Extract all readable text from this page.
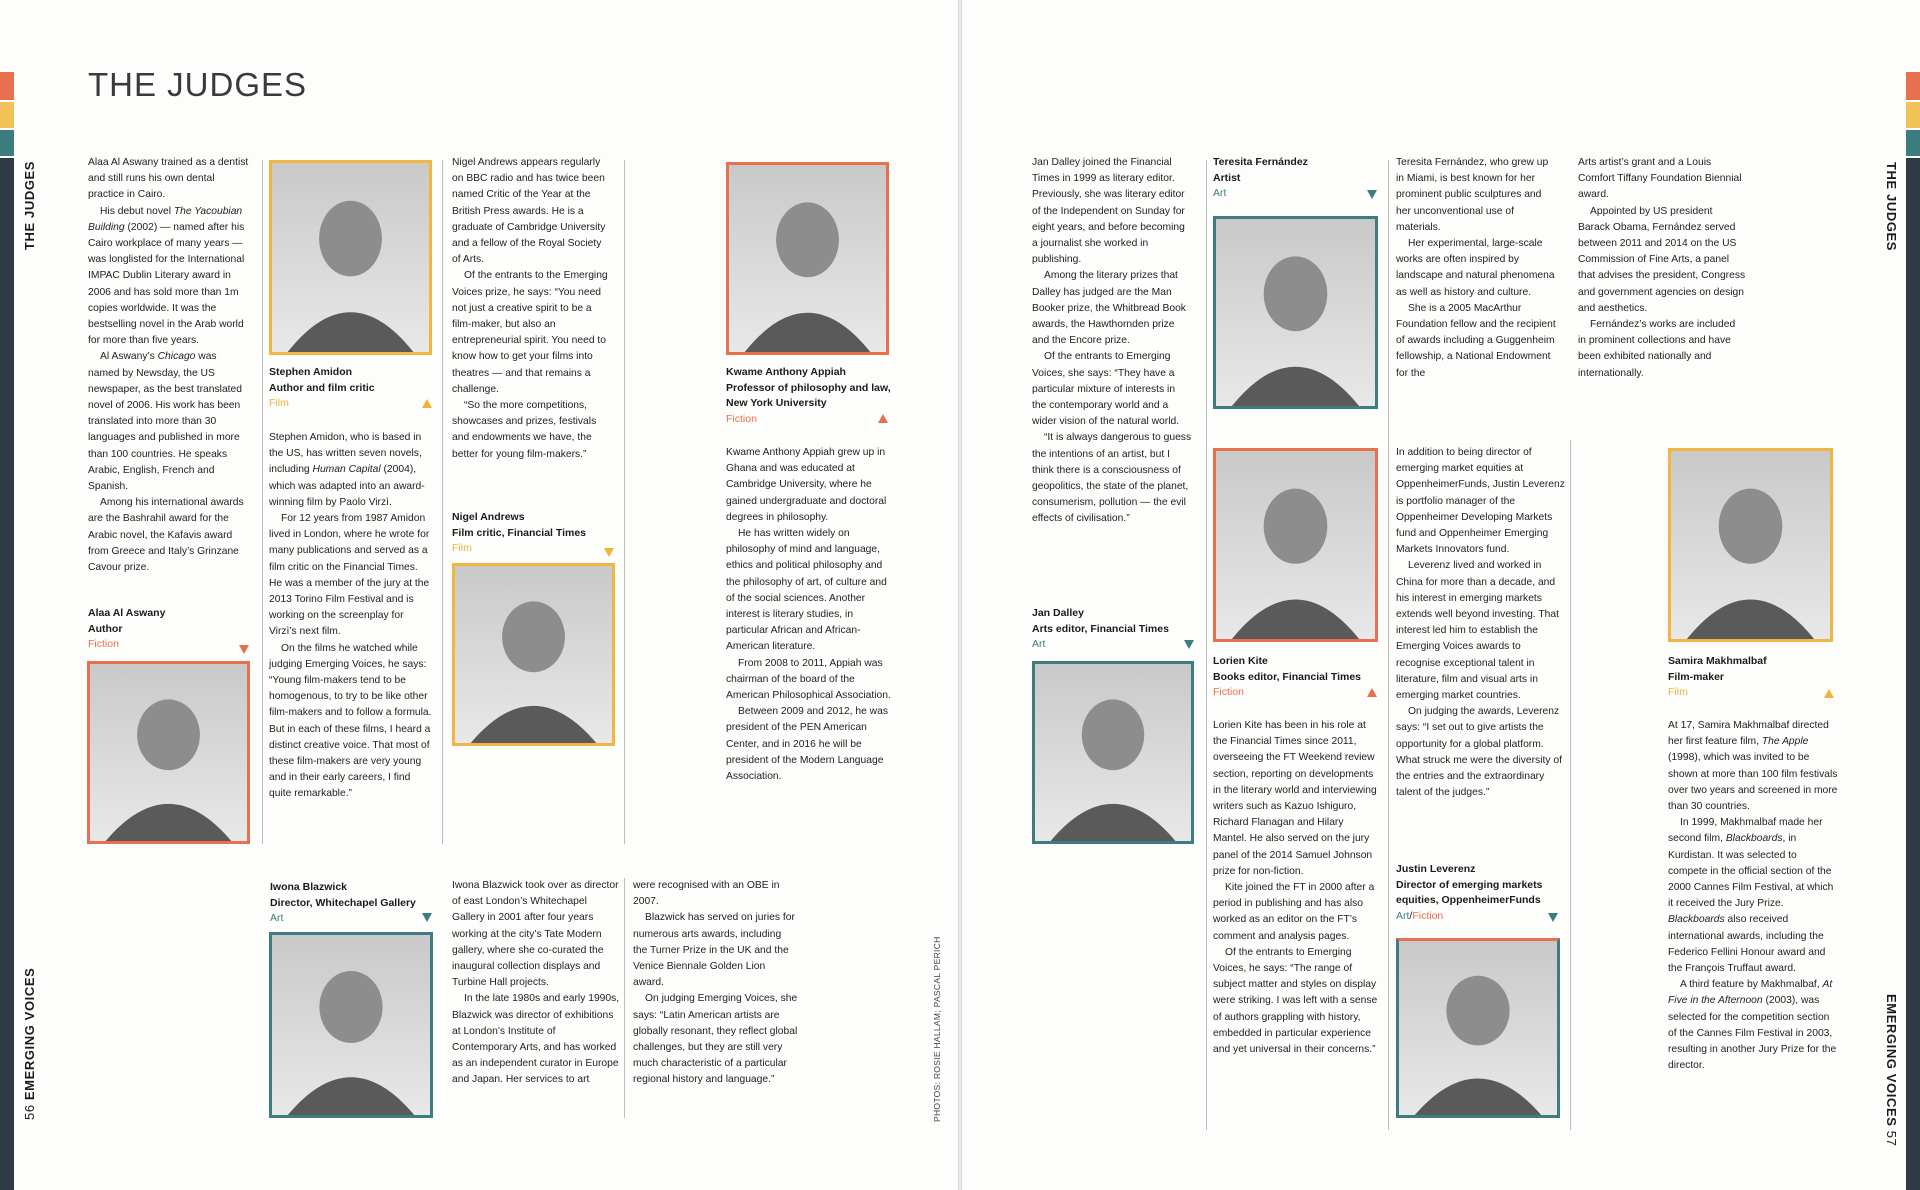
THE JUDGES
56 EMERGING VOICES
THE JUDGES

Alaa Al Aswany trained as a dentist and still runs his own dental practice in Cairo.

His debut novel The Yacoubian Building (2002) — named after his Cairo workplace of many years — was longlisted for the International IMPAC Dublin Literary award in 2006 and has sold more than 1m copies worldwide. It was the bestselling novel in the Arab world for more than five years.

Al Aswany’s Chicago was named by Newsday, the US newspaper, as the best translated novel of 2006. His work has been translated into more than 30 languages and published in more than 100 countries. He speaks Arabic, English, French and Spanish.

Among his international awards are the Bashrahil award for the Arabic novel, the Kafavis award from Greece and Italy’s Grinzane Cavour prize.

Alaa Al Aswany
Author
Fiction
Stephen Amidon
Author and film critic
Film

Stephen Amidon, who is based in the US, has written seven novels, including Human Capital (2004), which was adapted into an award-winning film by Paolo Virzì.

For 12 years from 1987 Amidon lived in London, where he wrote for many publications and served as a film critic on the Financial Times. He was a member of the jury at the 2013 Torino Film Festival and is working on the screenplay for Virzì’s next film.

On the films he watched while judging Emerging Voices, he says: “Young film-makers tend to be homogenous, to try to be like other film-makers and to follow a formula. But in each of these films, I heard a distinct creative voice. That most of these film-makers are very young and in their early careers, I find quite remarkable.”

Nigel Andrews appears regularly on BBC radio and has twice been named Critic of the Year at the British Press awards. He is a graduate of Cambridge University and a fellow of the Royal Society of Arts.

Of the entrants to the Emerging Voices prize, he says: “You need not just a creative spirit to be a film-maker, but also an entrepreneurial spirit. You need to know how to get your films into theatres — and that remains a challenge.

“So the more competitions, showcases and prizes, festivals and endowments we have, the better for young film-makers.”

Nigel Andrews
Film critic, Financial Times
Film
Kwame Anthony Appiah
Professor of philosophy and law, New York University
Fiction

Kwame Anthony Appiah grew up in Ghana and was educated at Cambridge University, where he gained undergraduate and doctoral degrees in philosophy.

He has written widely on philosophy of mind and language, ethics and political philosophy and the philosophy of art, of culture and of the social sciences. Another interest is literary studies, in particular African and African-American literature.

From 2008 to 2011, Appiah was chairman of the board of the American Philosophical Association.

Between 2009 and 2012, he was president of the PEN American Center, and in 2016 he will be president of the Modern Language Association.

Iwona Blazwick
Director, Whitechapel Gallery
Art

Iwona Blazwick took over as director of east London’s Whitechapel Gallery in 2001 after four years working at the city’s Tate Modern gallery, where she co-curated the inaugural collection displays and Turbine Hall projects.

In the late 1980s and early 1990s, Blazwick was director of exhibitions at London’s Institute of Contemporary Arts, and has worked as an independent curator in Europe and Japan. Her services to art

were recognised with an OBE in 2007.

Blazwick has served on juries for numerous arts awards, including the Turner Prize in the UK and the Venice Biennale Golden Lion award.

On judging Emerging Voices, she says: “Latin American artists are globally resonant, they reflect global challenges, but they are still very much characteristic of a particular regional history and language.”	PHOTOS: ROSIE HALLAM; PASCAL PERICH
THE JUDGES
EMERGING VOICES 57

Jan Dalley joined the Financial Times in 1999 as literary editor. Previously, she was literary editor of the Independent on Sunday for eight years, and before becoming a journalist she worked in publishing.

Among the literary prizes that Dalley has judged are the Man Booker prize, the Whitbread Book awards, the Hawthornden prize and the Encore prize.

Of the entrants to Emerging Voices, she says: “They have a particular mixture of interests in the contemporary world and a wider vision of the natural world.

“It is always dangerous to guess the intentions of an artist, but I think there is a consciousness of geopolitics, the state of the planet, consumerism, pollution — the evil effects of civilisation.”

Jan Dalley
Arts editor, Financial Times
Art
Teresita Fernández
Artist
Art
Lorien Kite
Books editor, Financial Times
Fiction

Lorien Kite has been in his role at the Financial Times since 2011, overseeing the FT Weekend review section, reporting on developments in the literary world and interviewing writers such as Kazuo Ishiguro, Richard Flanagan and Hilary Mantel. He also served on the jury panel of the 2014 Samuel Johnson prize for non-fiction.

Kite joined the FT in 2000 after a period in publishing and has also worked as an editor on the FT’s comment and analysis pages.

Of the entrants to Emerging Voices, he says: “The range of subject matter and styles on display were striking. I was left with a sense of authors grappling with history, embedded in particular experience and yet universal in their concerns.”

Teresita Fernández, who grew up in Miami, is best known for her prominent public sculptures and her unconventional use of materials.

Her experimental, large-scale works are often inspired by landscape and natural phenomena as well as history and culture.

She is a 2005 MacArthur Foundation fellow and the recipient of awards including a Guggenheim fellowship, a National Endowment for the

In addition to being director of emerging market equities at OppenheimerFunds, Justin Leverenz is portfolio manager of the Oppenheimer Developing Markets fund and Oppenheimer Emerging Markets Innovators fund.

Leverenz lived and worked in China for more than a decade, and his interest in emerging markets extends well beyond investing. That interest led him to establish the Emerging Voices awards to recognise exceptional talent in literature, film and visual arts in emerging market countries.

On judging the awards, Leverenz says: “I set out to give artists the opportunity for a global platform. What struck me were the diversity of the entries and the extraordinary talent of the judges.”

Justin Leverenz
Director of emerging markets equities, OppenheimerFunds
Art/Fiction

Arts artist’s grant and a Louis Comfort Tiffany Foundation Biennial award.

Appointed by US president Barack Obama, Fernández served between 2011 and 2014 on the US Commission of Fine Arts, a panel that advises the president, Congress and government agencies on design and aesthetics.

Fernández’s works are included in prominent collections and have been exhibited nationally and internationally.

Samira Makhmalbaf
Film-maker
Film

At 17, Samira Makhmalbaf directed her first feature film, The Apple (1998), which was invited to be shown at more than 100 film festivals over two years and screened in more than 30 countries.

In 1999, Makhmalbaf made her second film, Blackboards, in Kurdistan. It was selected to compete in the official section of the 2000 Cannes Film Festival, at which it received the Jury Prize. Blackboards also received international awards, including the Federico Fellini Honour award and the François Truffaut award.

A third feature by Makhmalbaf, At Five in the Afternoon (2003), was selected for the competition section of the Cannes Film Festival in 2003, resulting in another Jury Prize for the director.
